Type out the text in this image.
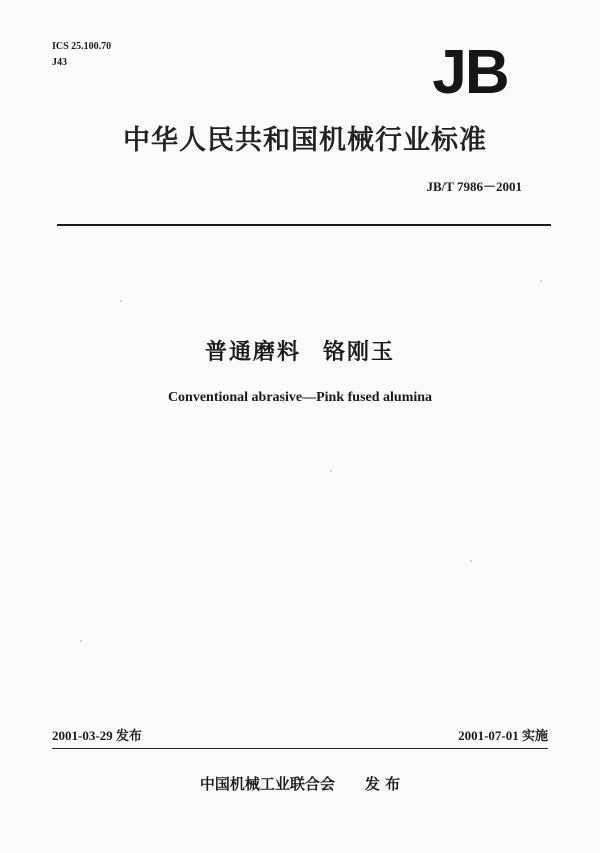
ICS 25.100.70
J43	JB
中华人民共和国机械行业标准
JB/T 7986－2001
普通磨料 铬刚玉
Conventional abrasive—Pink fused alumina
2001-03-29 发布	2001-07-01 实施
中国机械工业联合会 发 布
